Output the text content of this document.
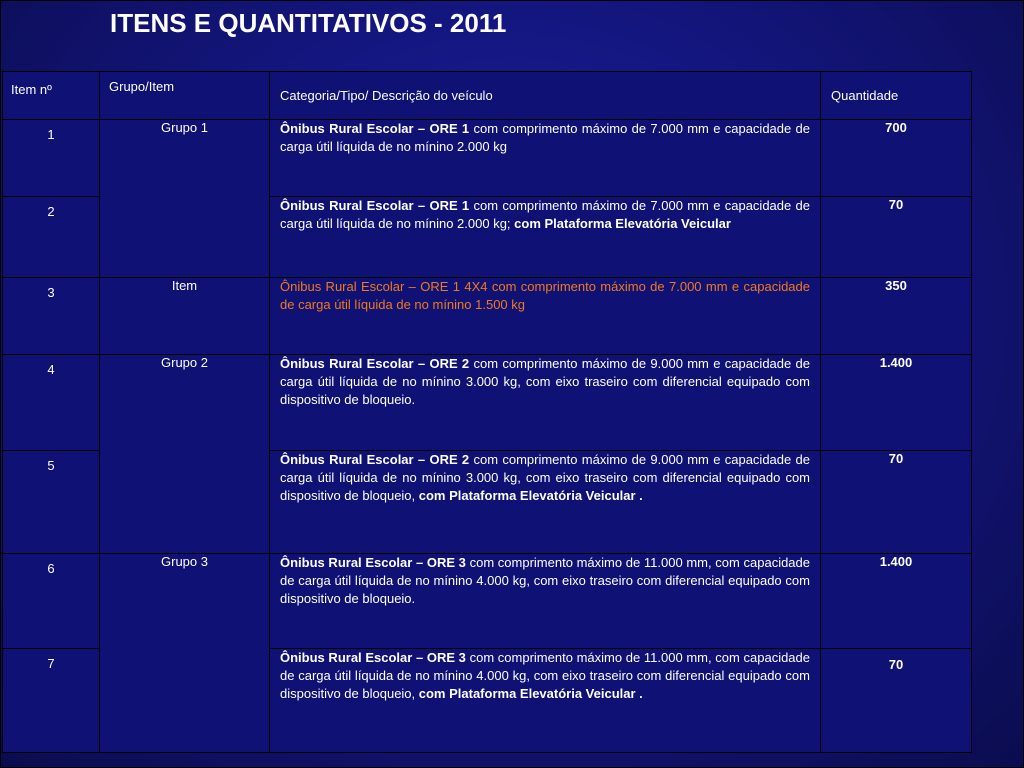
ITENS E QUANTITATIVOS - 2011
Item nº	Grupo/Item	Categoria/Tipo/ Descrição do veículo	Quantidade

1	Grupo 1	Ônibus Rural Escolar – ORE 1 com comprimento máximo de 7.000 mm e capacidade de carga útil líquida de no mínino 2.000 kg	700

2		Ônibus Rural Escolar – ORE 1 com comprimento máximo de 7.000 mm e capacidade de carga útil líquida de no mínino 2.000 kg; com Plataforma Elevatória Veicular	70

3	Item	Ônibus Rural Escolar – ORE 1 4X4 com comprimento máximo de 7.000 mm e capacidade de carga útil líquida de no mínino 1.500 kg	350

4	Grupo 2	Ônibus Rural Escolar – ORE 2 com comprimento máximo de 9.000 mm e capacidade de carga útil líquida de no mínino 3.000 kg, com eixo traseiro com diferencial equipado com dispositivo de bloqueio.	1.400

5		Ônibus Rural Escolar – ORE 2 com comprimento máximo de 9.000 mm e capacidade de carga útil líquida de no mínino 3.000 kg, com eixo traseiro com diferencial equipado com dispositivo de bloqueio, com Plataforma Elevatória Veicular .	70

6	Grupo 3	Ônibus Rural Escolar – ORE 3 com comprimento máximo de 11.000 mm, com capacidade de carga útil líquida de no mínino 4.000 kg, com eixo traseiro com diferencial equipado com dispositivo de bloqueio.	1.400

7		Ônibus Rural Escolar – ORE 3 com comprimento máximo de 11.000 mm, com capacidade de carga útil líquida de no mínino 4.000 kg, com eixo traseiro com diferencial equipado com dispositivo de bloqueio, com Plataforma Elevatória Veicular .	70
